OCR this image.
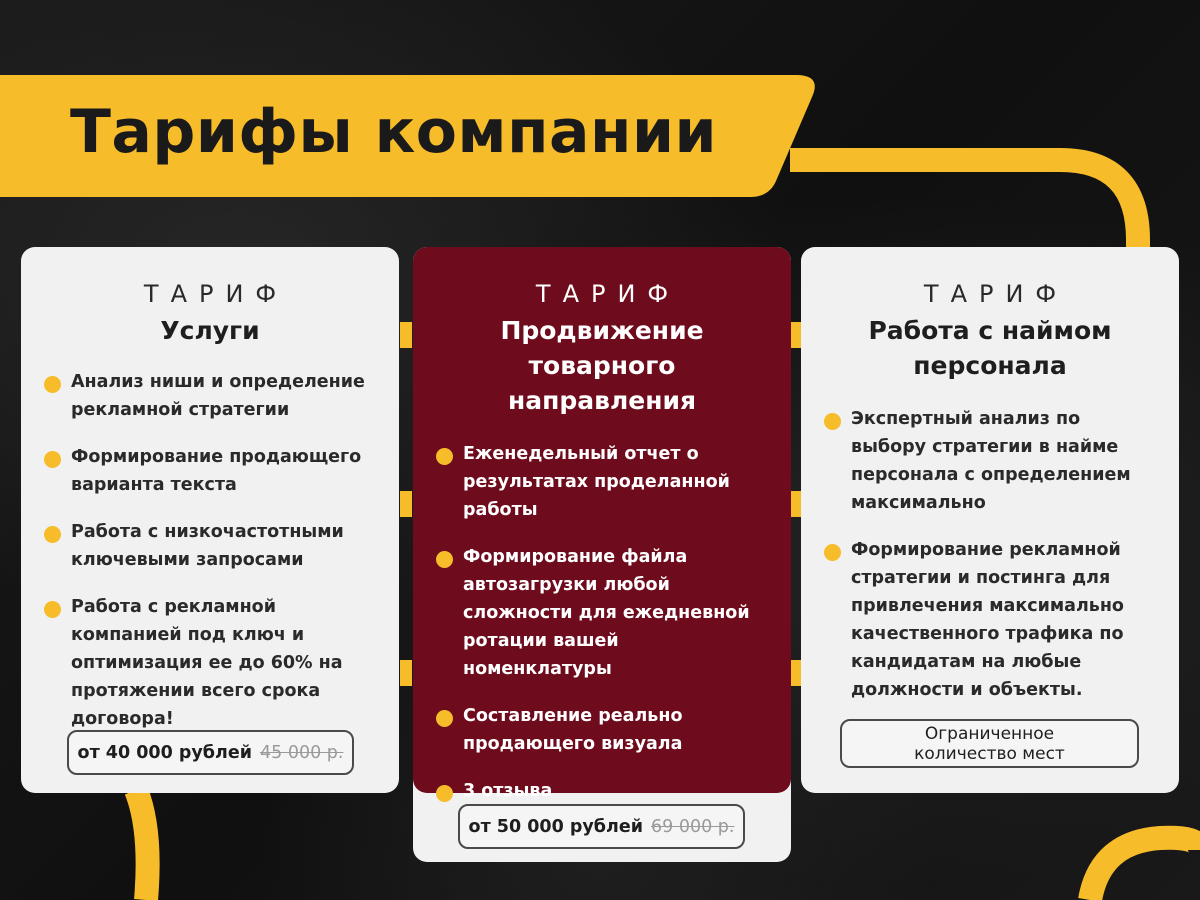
Тарифы компании
ТАРИФ
Услуги
Анализ ниши и определение рекламной стратегии
Формирование продающего варианта текста
Работа с низкочастотными ключевыми запросами
Работа с рекламной компанией под ключ и оптимизация ее до 60% на протяжении всего срока договора!
от 40 000 рублей 45 000 р.
ТАРИФ
Продвижение товарного направления
Еженедельный отчет о результатах проделанной работы
Формирование файла автозагрузки любой сложности для ежедневной ротации вашей номенклатуры
Составление реально продающего визуала
3 отзыва
от 50 000 рублей 69 000 р.
ТАРИФ
Работа с наймом персонала
Экспертный анализ по выбору стратегии в найме персонала с определением максимально
Формирование рекламной стратегии и постинга для привлечения максимально качественного трафика по кандидатам на любые должности и объекты.
Ограниченное
количество мест
